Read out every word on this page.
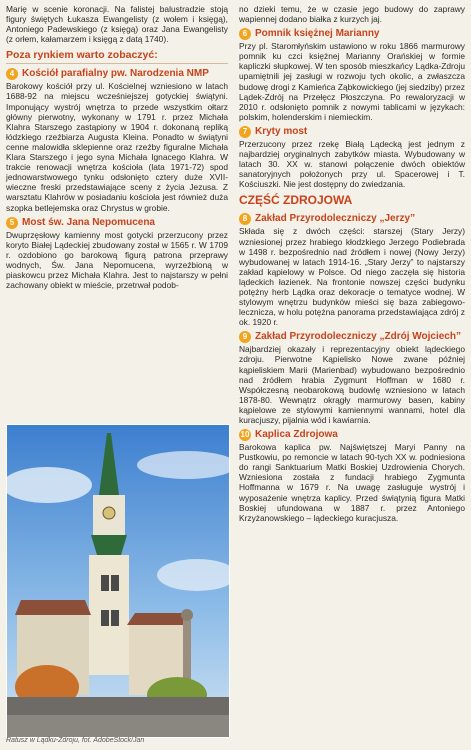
Marię w scenie koronacji. Na falistej balustradzie stoją figury świętych Łukasza Ewangelisty (z wołem i księgą), Antoniego Padewskiego (z księgą) oraz Jana Ewangelisty (z orłem, kałamarzem i księgą z datą 1740).

Poza rynkiem warto zobaczyć:
4 Kościół parafialny pw. Narodzenia NMP

Barokowy kościół przy ul. Kościelnej wzniesiono w latach 1688-92 na miejscu wcześniejszej gotyckiej świątyni. Imponujący wystrój wnętrza to przede wszystkim ołtarz główny pierwotny, wykonany w 1791 r. przez Michała Klahra Starszego zastąpiony w 1904 r. dokonaną repliką łódzkiego rzeźbiarza Augusta Kleina. Ponadto w świątyni cenne malowidła sklepienne oraz rzeźby figuralne Michała Klara Starszego i jego syna Michała Ignacego Klahra. W trakcie renowacji wnętrza kościoła (lata 1971-72) spod jednowarstwowego tynku odsłonięto cztery duże XVII-wieczne freski przedstawiające sceny z życia Jezusa. Z warsztatu Klahrów w posiadaniu kościoła jest również duża szopka betlejemska oraz Chrystus w grobie.

5 Most św. Jana Nepomucena

Dwuprzęsłowy kamienny most gotycki przerzucony przez koryto Białej Lądeckiej zbudowany został w 1565 r. W 1709 r. ozdobiono go barokową figurą patrona przeprawy wodnych, Św. Jana Nepomucena, wyrzeźbioną w piaskowcu przez Michała Klahra. Jest to najstarszy w pełni zachowany obiekt w mieście, przetrwał podob-

Ratusz w Lądku-Zdroju, fot. AdobeStock/Jan

no dzieki temu, że w czasie jego budowy do zaprawy wapiennej dodano białka z kurzych jaj.

6 Pomnik księżnej Marianny

Przy pl. Staromłyńskim ustawiono w roku 1866 marmurowy pomnik ku czci księżnej Marianny Orańskiej w formie kapliczki słupkowej. W ten sposób mieszkańcy Lądka-Zdroju upamiętnili jej zasługi w rozwoju tych okolic, a zwłaszcza budowę drogi z Kamieńca Ząbkowickiego (jej siedziby) przez Lądek-Zdrój na Przełęcz Płoszczyna. Po rewaloryzacji w 2010 r. odsłonięto pomnik z nowymi tablicami w językach: polskim, holenderskim i niemieckim.

7 Kryty most

Przerzucony przez rzekę Białą Lądecką jest jednym z najbardziej oryginalnych zabytków miasta. Wybudowany w latach 30. XX w. stanowi połączenie dwóch obiektów sanatoryjnych położonych przy ul. Spacerowej i T. Kościuszki. Nie jest dostępny do zwiedzania.

CZĘŚĆ ZDROJOWA
8 Zakład Przyrodoleczniczy „Jerzy”

Składa się z dwóch części: starszej (Stary Jerzy) wzniesionej przez hrabiego kłodzkiego Jerzego Podiebrada w 1498 r. bezpośrednio nad źródłem i nowej (Nowy Jerzy) wybudowanej w latach 1914-16. „Stary Jerzy” to najstarszy zakład kąpielowy w Polsce. Od niego zaczęła się historia lądeckich łazienek. Na frontonie nowszej części budynku potężny herb Lądka oraz dekoracje o tematyce wodnej. W stylowym wnętrzu budynków mieści się baza zabiegowo-lecznicza, w holu potężna panorama przedstawiająca zdrój z ok. 1920 r.

9 Zakład Przyrodoleczniczy „Zdrój Wojciech”

Najbardziej okazały i reprezentacyjny obiekt lądeckiego zdroju. Pierwotne Kąpielisko Nowe zwane później kąpieliskiem Marii (Marienbad) wybudowano bezpośrednio nad źródłem hrabia Zygmunt Hoffman w 1680 r. Współczesną neobarokową budowlę wzniesiono w latach 1878-80. Wewnątrz okrągły marmurowy basen, kabiny kąpielowe ze stylowymi kamiennymi wannami, hotel dla kuracjuszy, pijalnia wód i kawiarnia.

10 Kaplica Zdrojowa

Barokowa kaplica pw. Najświętszej Maryi Panny na Pustkowiu, po remoncie w latach 90-tych XX w. podniesiona do rangi Sanktuarium Matki Boskiej Uzdrowienia Chorych. Wzniesiona została z fundacji hrabiego Zygmunta Hoffmanna w 1679 r. Na uwagę zasługuje wystrój i wyposażenie wnętrza kaplicy. Przed świątynią figura Matki Boskiej ufundowana w 1887 r. przez Antoniego Krzyżanowskiego – lądeckiego kuracjusza.
